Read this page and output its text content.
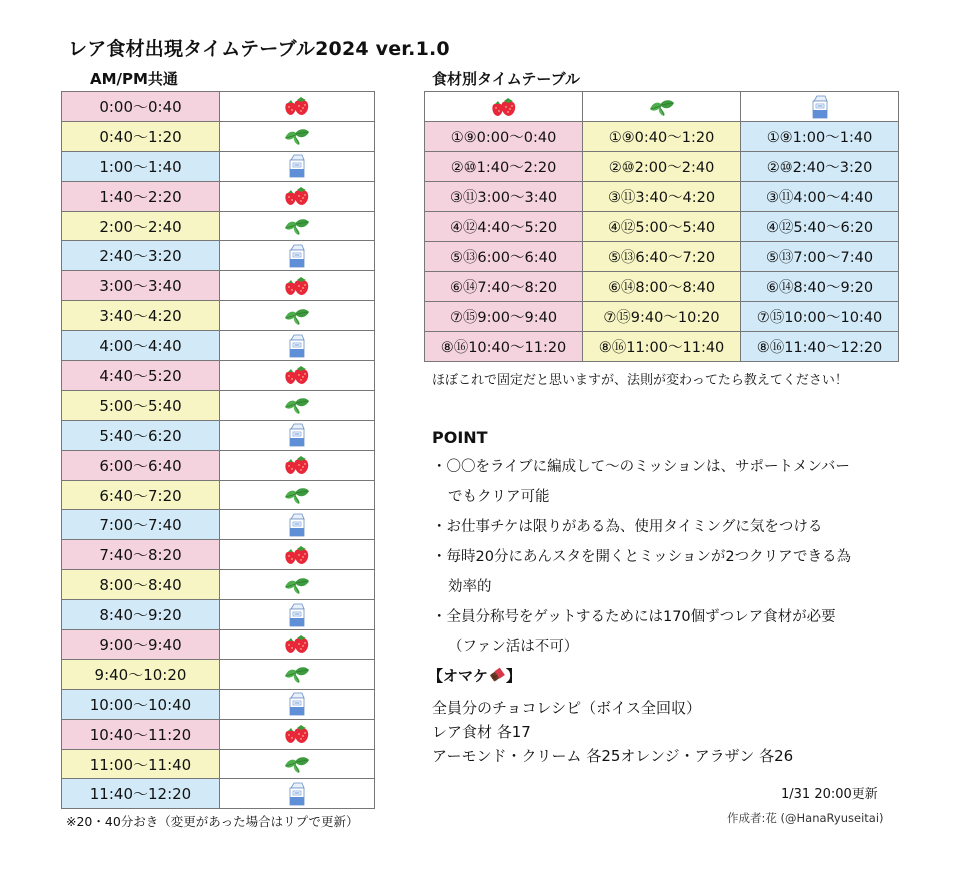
レア食材出現タイムテーブル2024 ver.1.0
AM/PM共通
0:00〜0:40	

0:40〜1:20	

1:00〜1:40	

1:40〜2:20	

2:00〜2:40	

2:40〜3:20	

3:00〜3:40	

3:40〜4:20	

4:00〜4:40	

4:40〜5:20	

5:00〜5:40	

5:40〜6:20	

6:00〜6:40	

6:40〜7:20	

7:00〜7:40	

7:40〜8:20	

8:00〜8:40	

8:40〜9:20	

9:00〜9:40	

9:40〜10:20	

10:00〜10:40	

10:40〜11:20	

11:00〜11:40	

11:40〜12:20	
※20・40分おき（変更があった場合はリプで更新）
食材別タイムテーブル

①⑨0:00〜0:40	①⑨0:40〜1:20	①⑨1:00〜1:40
②⑩1:40〜2:20	②⑩2:00〜2:40	②⑩2:40〜3:20
③⑪3:00〜3:40	③⑪3:40〜4:20	③⑪4:00〜4:40
④⑫4:40〜5:20	④⑫5:00〜5:40	④⑫5:40〜6:20
⑤⑬6:00〜6:40	⑤⑬6:40〜7:20	⑤⑬7:00〜7:40
⑥⑭7:40〜8:20	⑥⑭8:00〜8:40	⑥⑭8:40〜9:20
⑦⑮9:00〜9:40	⑦⑮9:40〜10:20	⑦⑮10:00〜10:40
⑧⑯10:40〜11:20	⑧⑯11:00〜11:40	⑧⑯11:40〜12:20
ほぼこれで固定だと思いますが、法則が変わってたら教えてください！
POINT
・〇〇をライブに編成して〜のミッションは、サポートメンバー
でもクリア可能
・お仕事チケは限りがある為、使用タイミングに気をつける
・毎時20分にあんスタを開くとミッションが2つクリアできる為
効率的
・全員分称号をゲットするためには170個ずつレア食材が必要
（ファン活は不可）
【オマケ 】
全員分のチョコレシピ（ボイス全回収）
レア食材 各17
アーモンド・クリーム 各25オレンジ・アラザン 各26
1/31 20:00更新
作成者:花 (@HanaRyuseitai)
